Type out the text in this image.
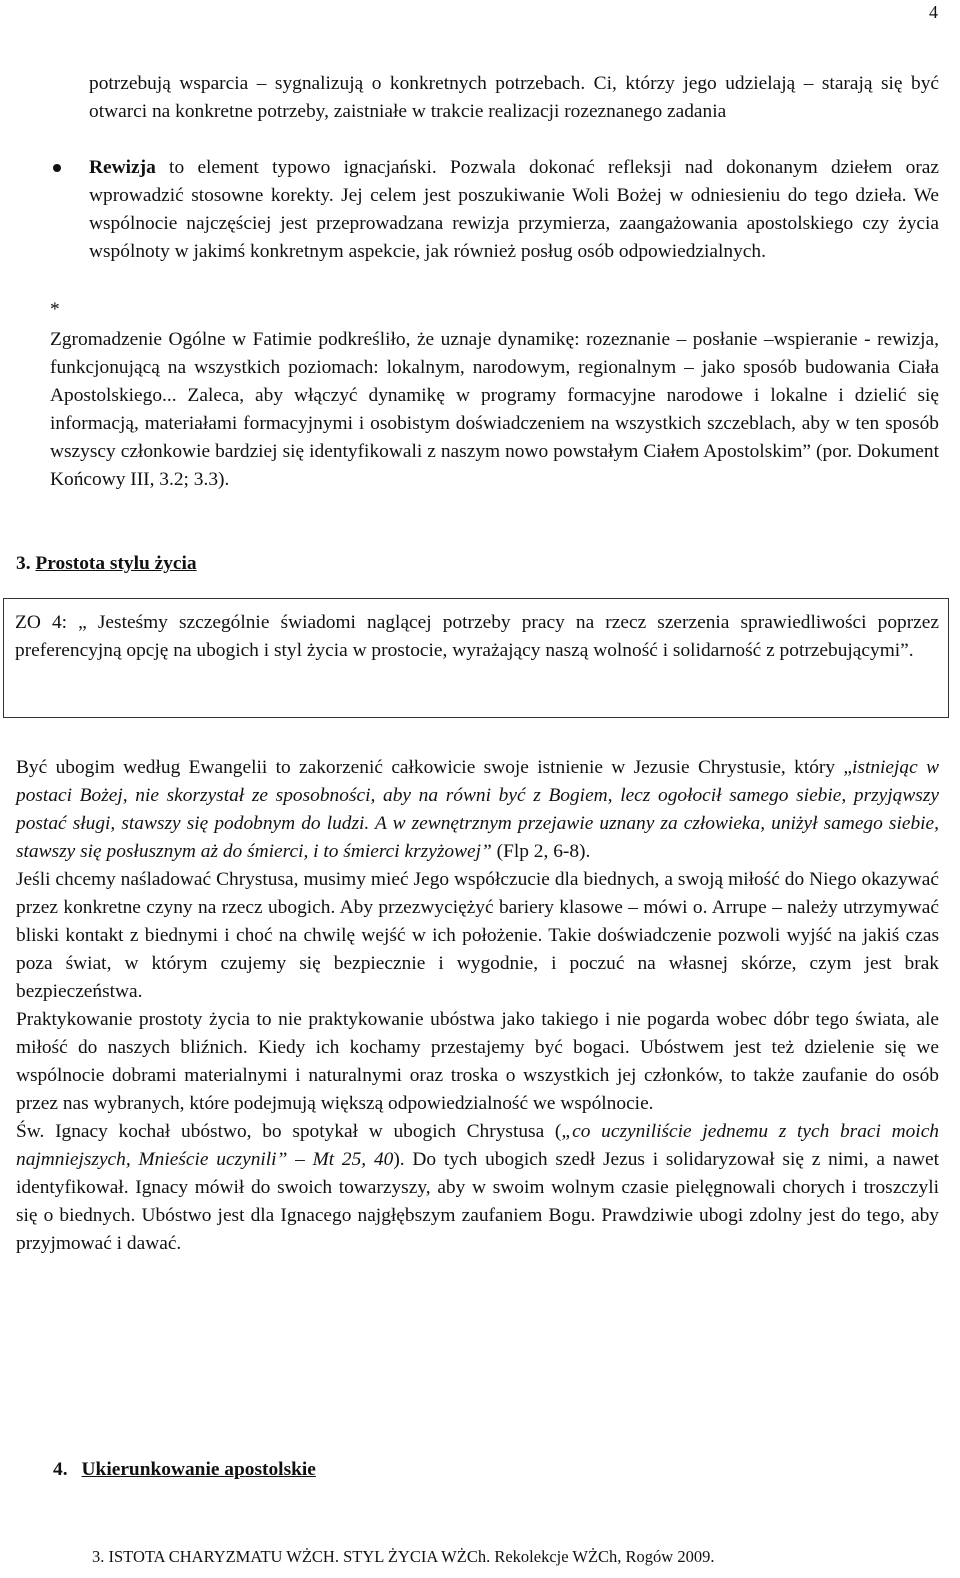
4

potrzebują wsparcia – sygnalizują o konkretnych potrzebach. Ci, którzy jego udzielają – starają się być otwarci na konkretne potrzeby, zaistniałe w trakcie realizacji rozeznanego zadania

Rewizja to element typowo ignacjański. Pozwala dokonać refleksji nad dokonanym dziełem oraz wprowadzić stosowne korekty. Jej celem jest poszukiwanie Woli Bożej w odniesieniu do tego dzieła. We wspólnocie najczęściej jest przeprowadzana rewizja przymierza, zaangażowania apostolskiego czy życia wspólnoty w jakimś konkretnym aspekcie, jak również posług osób odpowiedzialnych.

*

Zgromadzenie Ogólne w Fatimie podkreśliło, że uznaje dynamikę: rozeznanie – posłanie –wspieranie - rewizja, funkcjonującą na wszystkich poziomach: lokalnym, narodowym, regionalnym – jako sposób budowania Ciała Apostolskiego... Zaleca, aby włączyć dynamikę w programy formacyjne narodowe i lokalne i dzielić się informacją, materiałami formacyjnymi i osobistym doświadczeniem na wszystkich szczeblach, aby w ten sposób wszyscy członkowie bardziej się identyfikowali z naszym nowo powstałym Ciałem Apostolskim” (por. Dokument Końcowy III, 3.2; 3.3).

3. Prostota stylu życia

ZO 4: „ Jesteśmy szczególnie świadomi naglącej potrzeby pracy na rzecz szerzenia sprawiedliwości poprzez preferencyjną opcję na ubogich i styl życia w prostocie, wyrażający naszą wolność i solidarność z potrzebującymi”.

Być ubogim według Ewangelii to zakorzenić całkowicie swoje istnienie w Jezusie Chrystusie, który „istniejąc w postaci Bożej, nie skorzystał ze sposobności, aby na równi być z Bogiem, lecz ogołocił samego siebie, przyjąwszy postać sługi, stawszy się podobnym do ludzi. A w zewnętrznym przejawie uznany za człowieka, uniżył samego siebie, stawszy się posłusznym aż do śmierci, i to śmierci krzyżowej” (Flp 2, 6-8).

Jeśli chcemy naśladować Chrystusa, musimy mieć Jego współczucie dla biednych, a swoją miłość do Niego okazywać przez konkretne czyny na rzecz ubogich. Aby przezwyciężyć bariery klasowe – mówi o. Arrupe – należy utrzymywać bliski kontakt z biednymi i choć na chwilę wejść w ich położenie. Takie doświadczenie pozwoli wyjść na jakiś czas poza świat, w którym czujemy się bezpiecznie i wygodnie, i poczuć na własnej skórze, czym jest brak bezpieczeństwa.

Praktykowanie prostoty życia to nie praktykowanie ubóstwa jako takiego i nie pogarda wobec dóbr tego świata, ale miłość do naszych bliźnich. Kiedy ich kochamy przestajemy być bogaci. Ubóstwem jest też dzielenie się we wspólnocie dobrami materialnymi i naturalnymi oraz troska o wszystkich jej członków, to także zaufanie do osób przez nas wybranych, które podejmują większą odpowiedzialność we wspólnocie.

Św. Ignacy kochał ubóstwo, bo spotykał w ubogich Chrystusa („co uczyniliście jednemu z tych braci moich najmniejszych, Mnieście uczynili” – Mt 25, 40). Do tych ubogich szedł Jezus i solidaryzował się z nimi, a nawet identyfikował. Ignacy mówił do swoich towarzyszy, aby w swoim wolnym czasie pielęgnowali chorych i troszczyli się o biednych. Ubóstwo jest dla Ignacego najgłębszym zaufaniem Bogu. Prawdziwie ubogi zdolny jest do tego, aby przyjmować i dawać.

4. Ukierunkowanie apostolskie
3. ISTOTA CHARYZMATU WŻCH. STYL ŻYCIA WŻCh. Rekolekcje WŻCh, Rogów 2009.
